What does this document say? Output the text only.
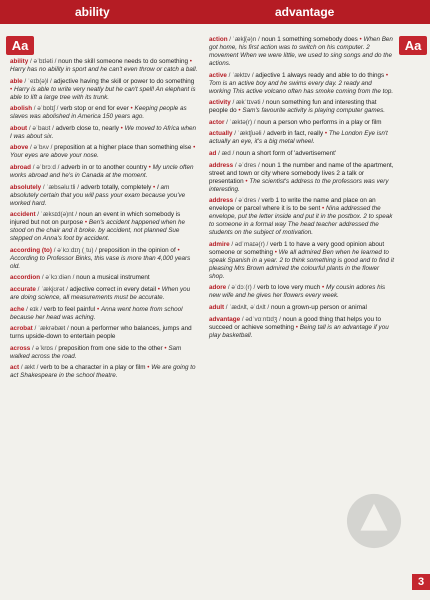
ability	advantage
Aa	Aa
ability / əˈbɪləti / noun the skill someone needs to do something • Harry has no ability in sport and he can't even throw or catch a ball.
able / ˈeɪb(ə)l / adjective having the skill or power to do something • Harry is able to write very neatly but he can't spell! An elephant is able to lift a large tree with its trunk.
abolish / əˈbɒlɪʃ / verb stop or end for ever • Keeping people as slaves was abolished in America 150 years ago.
about / əˈbaʊt / adverb close to, nearly • We moved to Africa when I was about six.
above / əˈbʌv / preposition at a higher place than something else • Your eyes are above your nose.
abroad / əˈbrɔːd / adverb in or to another country • My uncle often works abroad and he's in Canada at the moment.
absolutely / ˈæbsəluːtli / adverb totally, completely • I am absolutely certain that you will pass your exam because you've worked hard.
accident / ˈæksɪd(ə)nt / noun an event in which somebody is injured but not on purpose • Ben's accident happened when he stood on the chair and it broke. by accident, not planned Sue stepped on Anna's foot by accident.
according (to) / əˈkɔːdɪŋ (ˌtu) / preposition in the opinion of • According to Professor Binks, this vase is more than 4,000 years old.
accordion / əˈkɔːdiən / noun a musical instrument
accurate / ˈækjʊrət / adjective correct in every detail • When you are doing science, all measurements must be accurate.
ache / eɪk / verb to feel painful • Anna went home from school because her head was aching.
acrobat / ˈækrəbæt / noun a performer who balances, jumps and turns upside-down to entertain people
across / əˈkrɒs / preposition from one side to the other • Sam walked across the road.
act / ækt / verb to be a character in a play or film • We are going to act Shakespeare in the school theatre.
action / ˈækʃ(ə)n / noun 1 something somebody does • When Ben got home, his first action was to switch on his computer. 2 movement When we were little, we used to sing songs and do the actions.
active / ˈæktɪv / adjective 1 always ready and able to do things • Tom is an active boy and he swims every day. 2 ready and working This active volcano often has smoke coming from the top.
activity / ækˈtɪvəti / noun something fun and interesting that people do • Sam's favourite activity is playing computer games.
actor / ˈæktə(r) / noun a person who performs in a play or film
actually / ˈæktʃuəli / adverb in fact, really • The London Eye isn't actually an eye, it's a big metal wheel.
ad / æd / noun a short form of 'advertisement'
address / əˈdres / noun 1 the number and name of the apartment, street and town or city where somebody lives 2 a talk or presentation • The scientist's address to the professors was very interesting.
address / əˈdres / verb 1 to write the name and place on an envelope or parcel where it is to be sent • Nina addressed the envelope, put the letter inside and put it in the postbox. 2 to speak to someone in a formal way The head teacher addressed the students on the subject of motivation.
admire / ədˈmaɪə(r) / verb 1 to have a very good opinion about someone or something • We all admired Ben when he learned to speak Spanish in a year. 2 to think something is good and to find it pleasing Mrs Brown admired the colourful plants in the flower shop.
adore / əˈdɔː(r) / verb to love very much • My cousin adores his new wife and he gives her flowers every week.
adult / ˈædʌlt, əˈdʌlt / noun a grown-up person or animal
advantage / ədˈvɑːntɪdʒ / noun a good thing that helps you to succeed or achieve something • Being tall is an advantage if you play basketball.
3
